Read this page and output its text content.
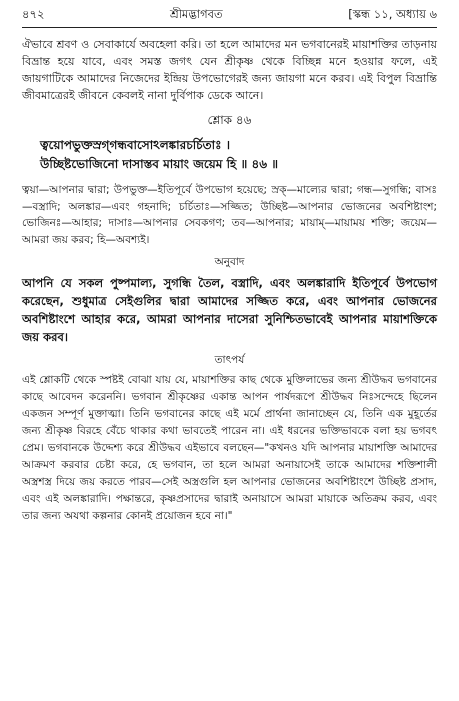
৪৭২	শ্রীমদ্ভাগবত	[স্কন্ধ ১১, অধ্যায় ৬

ঐভাবে শ্রবণ ও সেবাকার্যে অবহেলা করি। তা হলে আমাদের মন ভগবানেরই মায়াশক্তির তাড়নায় বিভ্রান্ত হয়ে যাবে, এবং সমস্ত জগৎ যেন শ্রীকৃষ্ণ থেকে বিচ্ছিন্ন মনে হওয়ার ফলে, এই জায়গাটিকে আমাদের নিজেদের ইন্দ্রিয় উপভোগেরই জন্য জায়গা মনে করব। এই বিপুল বিভ্রান্তি জীবমাত্রেরই জীবনে কেবলই নানা দুর্বিপাক ডেকে আনে।

শ্লোক ৪৬
ত্বয়োপভুক্তস্রগ্‌গন্ধবাসোঽলঙ্কারচর্চিতাঃ ।
উচ্ছিষ্টভোজিনো দাসাস্তব মায়াং জয়েম হি ॥ ৪৬ ॥

ত্বয়া—আপনার দ্বারা; উপভুক্ত—ইতিপূর্বে উপভোগ হয়েছে; স্রক্—মাল্যের দ্বারা; গন্ধ—সুগন্ধি; বাসঃ—বস্ত্রাদি; অলঙ্কার—এবং গহনাদি; চর্চিতাঃ—সজ্জিত; উচ্ছিষ্ট—আপনার ভোজনের অবশিষ্টাংশ; ভোজিনঃ—আহার; দাসাঃ—আপনার সেবকগণ; তব—আপনার; মায়াম্—মায়াময় শক্তি; জয়েম—আমরা জয় করব; হি—অবশ্যই।

অনুবাদ

আপনি যে সকল পুষ্পমাল্য, সুগন্ধি তৈল, বস্ত্রাদি, এবং অলঙ্কারাদি ইতিপূর্বে উপভোগ করেছেন, শুধুমাত্র সেইগুলির দ্বারা আমাদের সজ্জিত করে, এবং আপনার ভোজনের অবশিষ্টাংশে আহার করে, আমরা আপনার দাসেরা সুনিশ্চিতভাবেই আপনার মায়াশক্তিকে জয় করব।

তাৎপর্য

এই শ্লোকটি থেকে স্পষ্টই বোঝা যায় যে, মায়াশক্তির কাছ থেকে মুক্তিলাভের জন্য শ্রীউদ্ধব ভগবানের কাছে আবেদন করেননি। ভগবান শ্রীকৃষ্ণের একান্ত আপন পার্ষদরূপে শ্রীউদ্ধব নিঃসন্দেহে ছিলেন একজন সম্পূর্ণ মুক্তাত্মা। তিনি ভগবানের কাছে এই মর্মে প্রার্থনা জানাচ্ছেন যে, তিনি এক মুহূর্তের জন্য শ্রীকৃষ্ণ বিরহে বেঁচে থাকার কথা ভাবতেই পারেন না। এই ধরনের ভক্তিভাবকে বলা হয় ভগবৎ প্রেম। ভগবানকে উদ্দেশ্য করে শ্রীউদ্ধব এইভাবে বলছেন—"কখনও যদি আপনার মায়াশক্তি আমাদের আক্রমণ করবার চেষ্টা করে, হে ভগবান, তা হলে আমরা অনায়াসেই তাকে আমাদের শক্তিশালী অস্ত্রশস্ত্র দিয়ে জয় করতে পারব—সেই অস্ত্রগুলি হল আপনার ভোজনের অবশিষ্টাংশে উচ্ছিষ্ট প্রসাদ, এবং এই অলঙ্কারাদি। পক্ষান্তরে, কৃষ্ণপ্রসাদের দ্বারাই অনায়াসে আমরা মায়াকে অতিক্রম করব, এবং তার জন্য অযথা কল্পনার কোনই প্রয়োজন হবে না।"
